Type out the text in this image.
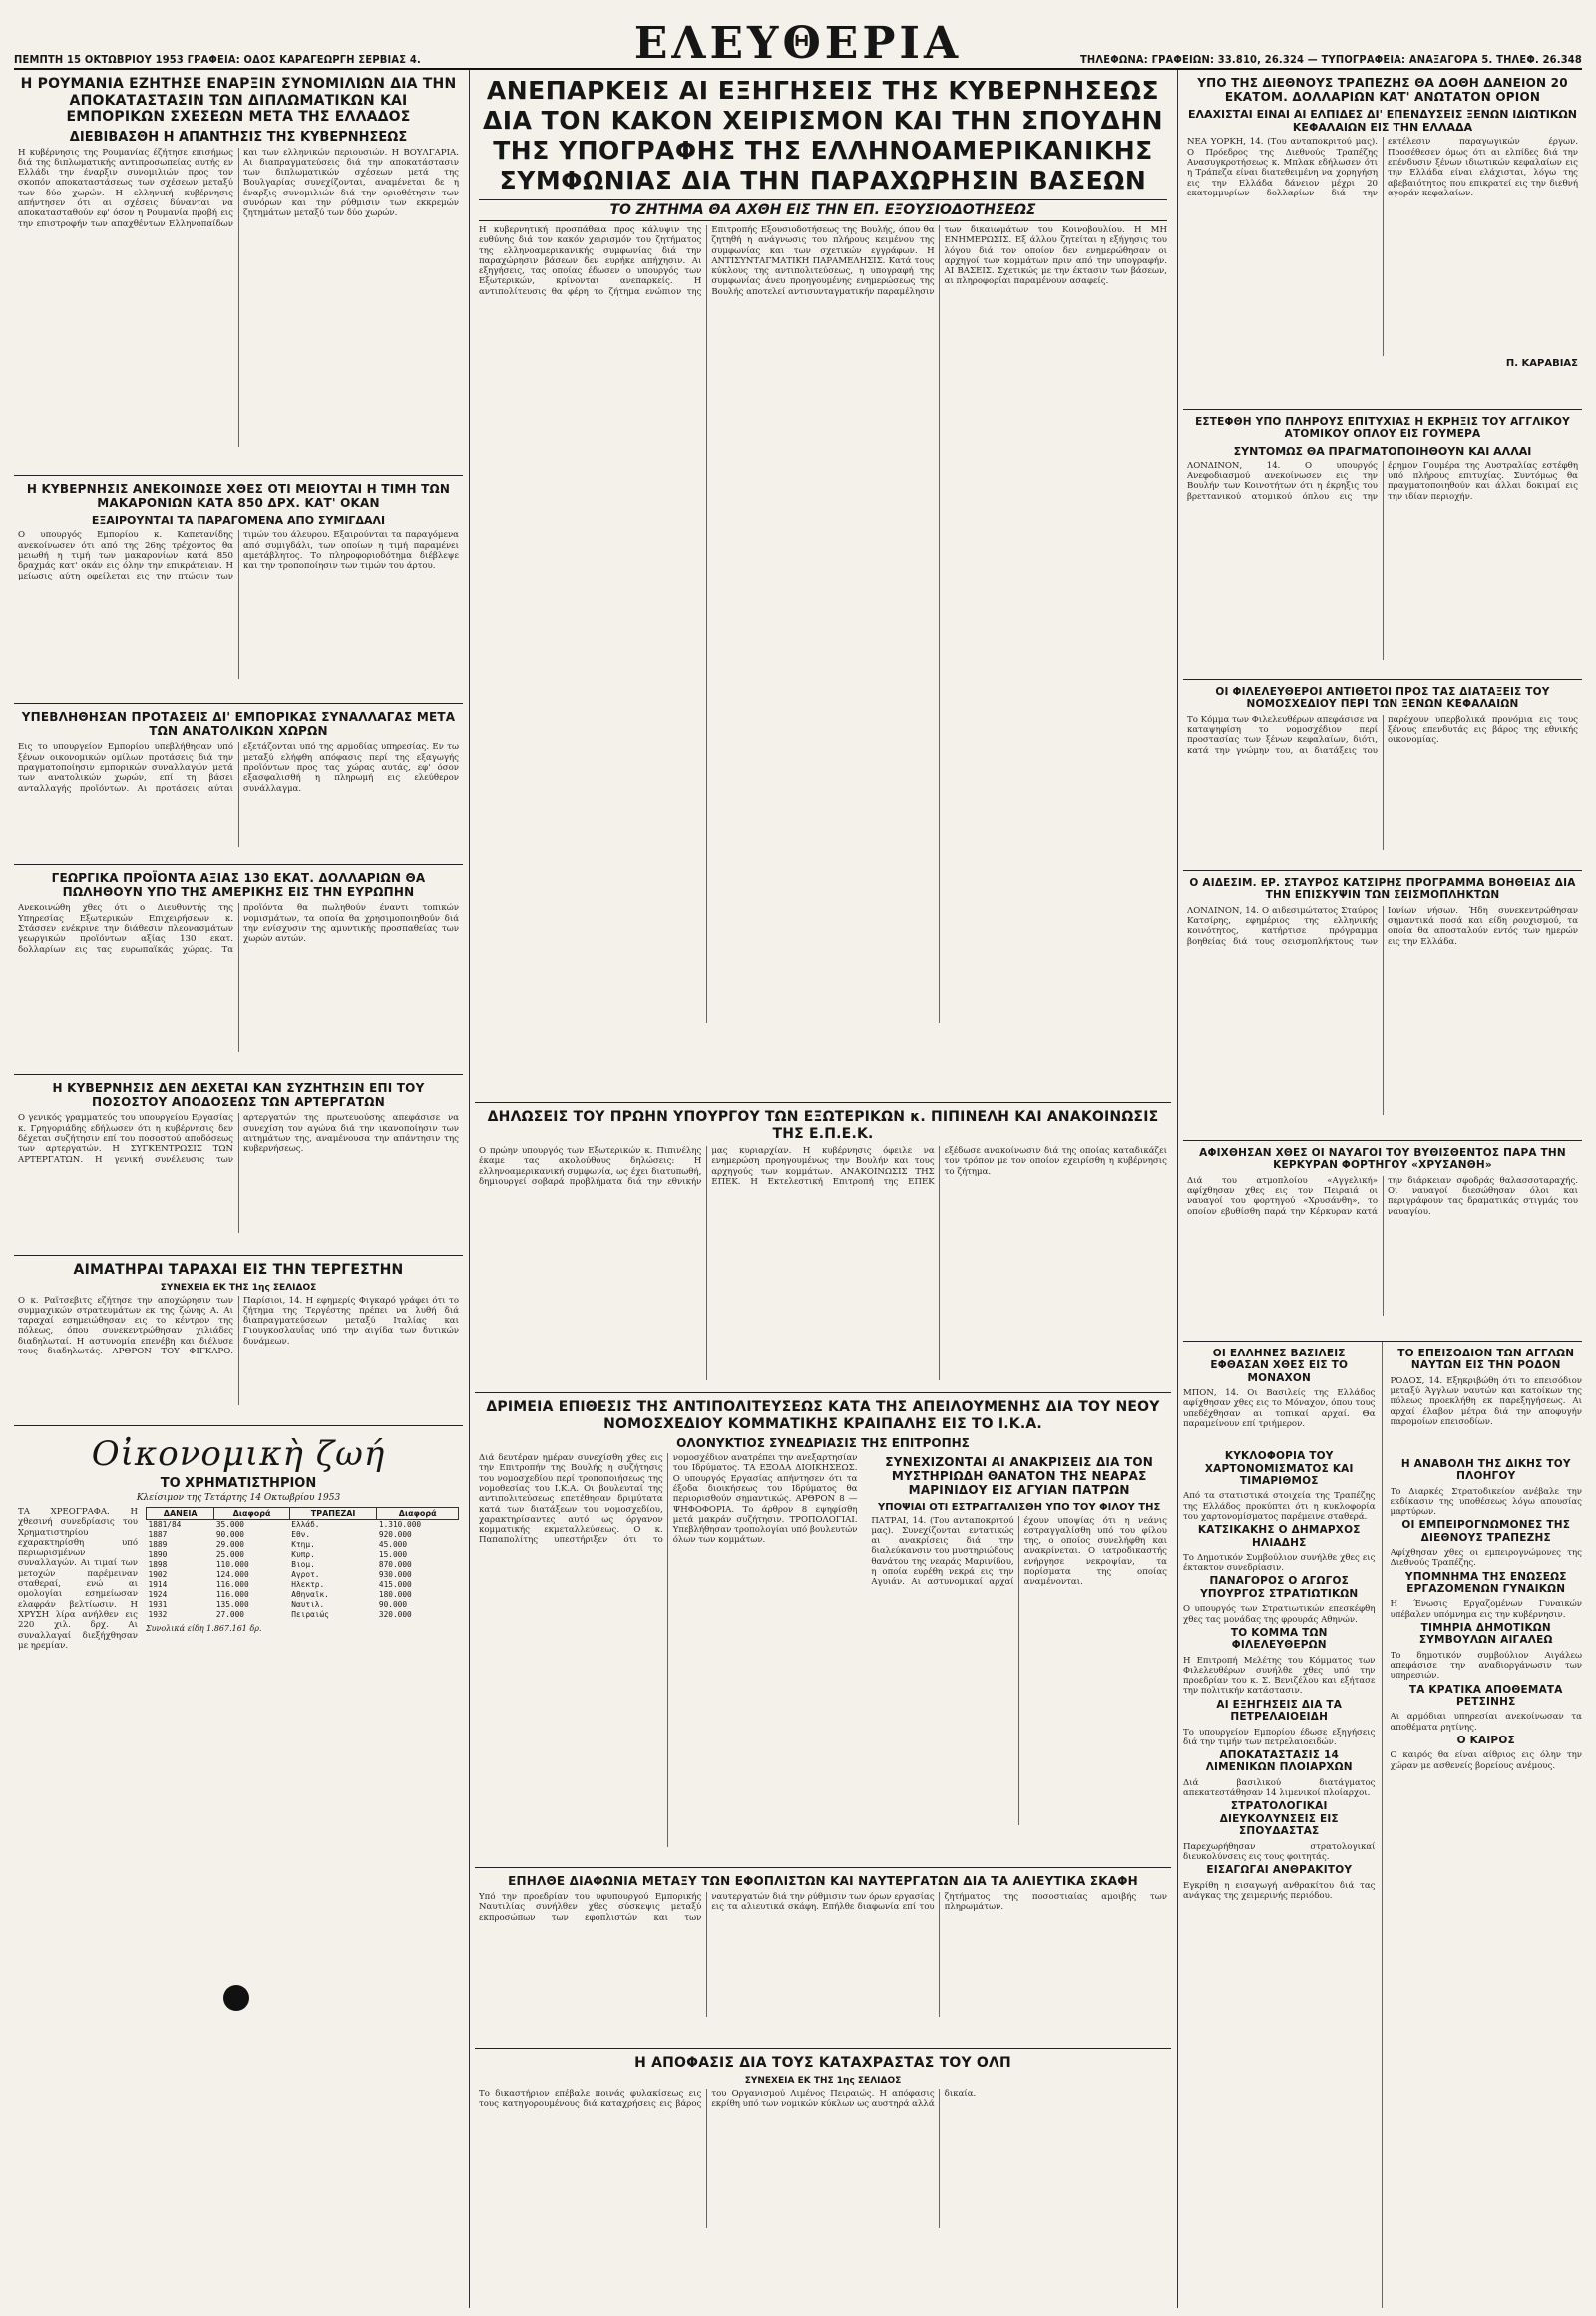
ΠΕΜΠΤΗ 15 ΟΚΤΩΒΡΙΟΥ 1953 ΓΡΑΦΕΙΑ: ΟΔΟΣ ΚΑΡΑΓΕΩΡΓΗ ΣΕΡΒΙΑΣ 4.	ΕΛΕΥΘΕΡΙΑ	ΤΗΛΕΦΩΝΑ: ΓΡΑΦΕΙΩΝ: 33.810, 26.324 — ΤΥΠΟΓΡΑΦΕΙΑ: ΑΝΑΞΑΓΟΡΑ 5. ΤΗΛΕΦ. 26.348
Η ΡΟΥΜΑΝΙΑ ΕΖΗΤΗΣΕ ΕΝΑΡΞΙΝ ΣΥΝΟΜΙΛΙΩΝ ΔΙΑ ΤΗΝ ΑΠΟΚΑΤΑΣΤΑΣΙΝ ΤΩΝ ΔΙΠΛΩΜΑΤΙΚΩΝ ΚΑΙ ΕΜΠΟΡΙΚΩΝ ΣΧΕΣΕΩΝ ΜΕΤΑ ΤΗΣ ΕΛΛΑΔΟΣ
ΔΙΕΒΙΒΑΣΘΗ Η ΑΠΑΝΤΗΣΙΣ ΤΗΣ ΚΥΒΕΡΝΗΣΕΩΣ

Η κυβέρνησις της Ρουμανίας έζήτησε επισήμως διά της διπλωματικής αντιπροσωπείας αυτής εν Ελλάδι την έναρξιν συνομιλιών προς τον σκοπόν αποκαταστάσεως των σχέσεων μεταξύ των δύο χωρών. Η ελληνική κυβέρνησις απήντησεν ότι αι σχέσεις δύνανται να αποκατασταθούν εφ' όσον η Ρουμανία προβή εις την επιστροφήν των απαχθέντων Ελληνοπαίδων και των ελληνικών περιουσιών. Η ΒΟΥΛΓΑΡΙΑ. Αι διαπραγματεύσεις διά την αποκατάστασιν των διπλωματικών σχέσεων μετά της Βουλγαρίας συνεχίζονται, αναμένεται δε η έναρξις συνομιλιών διά την οριοθέτησιν των συνόρων και την ρύθμισιν των εκκρεμών ζητημάτων μεταξύ των δύο χωρών.

Η ΚΥΒΕΡΝΗΣΙΣ ΑΝΕΚΟΙΝΩΣΕ ΧΘΕΣ ΟΤΙ ΜΕΙΟΥΤΑΙ Η ΤΙΜΗ ΤΩΝ ΜΑΚΑΡΟΝΙΩΝ ΚΑΤΑ 850 ΔΡΧ. ΚΑΤ' ΟΚΑΝ
ΕΞΑΙΡΟΥΝΤΑΙ ΤΑ ΠΑΡΑΓΟΜΕΝΑ ΑΠΟ ΣΥΜΙΓΔΑΛΙ

Ο υπουργός Εμπορίου κ. Καπετανίδης ανεκοίνωσεν ότι από της 26ης τρέχοντος θα μειωθή η τιμή των μακαρονίων κατά 850 δραχμάς κατ' οκάν εις όλην την επικράτειαν. Η μείωσις αύτη οφείλεται εις την πτώσιν των τιμών του άλευρου. Εξαιρούνται τα παραγόμενα από συμιγδάλι, των οποίων η τιμή παραμένει αμετάβλητος. Το πληροφοριοδότημα διέβλεψε και την τροποποίησιν των τιμών του άρτου.

ΥΠΕΒΛΗΘΗΣΑΝ ΠΡΟΤΑΣΕΙΣ ΔΙ' ΕΜΠΟΡΙΚΑΣ ΣΥΝΑΛΛΑΓΑΣ ΜΕΤΑ ΤΩΝ ΑΝΑΤΟΛΙΚΩΝ ΧΩΡΩΝ

Εις το υπουργείον Εμπορίου υπεβλήθησαν υπό ξένων οικονομικών ομίλων προτάσεις διά την πραγματοποίησιν εμπορικών συναλλαγών μετά των ανατολικών χωρών, επί τη βάσει ανταλλαγής προϊόντων. Αι προτάσεις αύται εξετάζονται υπό της αρμοδίας υπηρεσίας. Εν τω μεταξύ ελήφθη απόφασις περί της εξαγωγής προϊόντων προς τας χώρας αυτάς, εφ' όσον εξασφαλισθή η πληρωμή εις ελεύθερον συνάλλαγμα.

ΓΕΩΡΓΙΚΑ ΠΡΟΪΟΝΤΑ ΑΞΙΑΣ 130 ΕΚΑΤ. ΔΟΛΛΑΡΙΩΝ ΘΑ ΠΩΛΗΘΟΥΝ ΥΠΟ ΤΗΣ ΑΜΕΡΙΚΗΣ ΕΙΣ ΤΗΝ ΕΥΡΩΠΗΝ

Ανεκοινώθη χθες ότι ο Διευθυντής της Υπηρεσίας Εξωτερικών Επιχειρήσεων κ. Στάσσεν ενέκρινε την διάθεσιν πλεονασμάτων γεωργικών προϊόντων αξίας 130 εκατ. δολλαρίων εις τας ευρωπαϊκάς χώρας. Τα προϊόντα θα πωληθούν έναντι τοπικών νομισμάτων, τα οποία θα χρησιμοποιηθούν διά την ενίσχυσιν της αμυντικής προσπαθείας των χωρών αυτών.

Η ΚΥΒΕΡΝΗΣΙΣ ΔΕΝ ΔΕΧΕΤΑΙ ΚΑΝ ΣΥΖΗΤΗΣΙΝ ΕΠΙ ΤΟΥ ΠΟΣΟΣΤΟΥ ΑΠΟΔΟΣΕΩΣ ΤΩΝ ΑΡΤΕΡΓΑΤΩΝ

Ο γενικός γραμματεύς του υπουργείου Εργασίας κ. Γρηγοριάδης εδήλωσεν ότι η κυβέρνησις δεν δέχεται συζήτησιν επί του ποσοστού αποδόσεως των αρτεργατών. Η ΣΥΓΚΕΝΤΡΩΣΙΣ ΤΩΝ ΑΡΤΕΡΓΑΤΩΝ. Η γενική συνέλευσις των αρτεργατών της πρωτευούσης απεφάσισε να συνεχίση τον αγώνα διά την ικανοποίησιν των αιτημάτων της, αναμένουσα την απάντησιν της κυβερνήσεως.

ΑΙΜΑΤΗΡΑΙ ΤΑΡΑΧΑΙ ΕΙΣ ΤΗΝ ΤΕΡΓΕΣΤΗΝ
ΣΥΝΕΧΕΙΑ ΕΚ ΤΗΣ 1ης ΣΕΛΙΔΟΣ

Ο κ. Ραΐτσεβιτς εζήτησε την αποχώρησιν των συμμαχικών στρατευμάτων εκ της ζώνης Α. Αι ταραχαί εσημειώθησαν εις το κέντρον της πόλεως, όπου συνεκεντρώθησαν χιλιάδες διαδηλωταί. Η αστυνομία επενέβη και διέλυσε τους διαδηλωτάς. ΑΡΘΡΟΝ ΤΟΥ ΦΙΓΚΑΡΟ. Παρίσιοι, 14. Η εφημερίς Φιγκαρό γράφει ότι το ζήτημα της Τεργέστης πρέπει να λυθή διά διαπραγματεύσεων μεταξύ Ιταλίας και Γιουγκοσλαυΐας υπό την αιγίδα των δυτικών δυνάμεων.

Οἰκονομικὴ ζωή
ΤΟ ΧΡΗΜΑΤΙΣΤΗΡΙΟΝ
Κλείσιμον της Τετάρτης 14 Οκτωβρίου 1953

ΤΑ ΧΡΕΟΓΡΑΦΑ. Η χθεσινή συνεδρίασις του Χρηματιστηρίου εχαρακτηρίσθη υπό περιωρισμένων συναλλαγών. Αι τιμαί των μετοχών παρέμειναν σταθεραί, ενώ αι ομολογίαι εσημείωσαν ελαφράν βελτίωσιν. Η ΧΡΥΣΗ λίρα ανήλθεν εις 220 χιλ. δρχ. Αι συναλλαγαί διεξήχθησαν με ηρεμίαν.

ΔΑΝΕΙΑ	Διαφορά	ΤΡΑΠΕΖΑΙ	Διαφορά
1881/84	35.000	Ελλάδ.	1.310.000
1887	90.000	Εθν.	920.000
1889	29.000	Κτημ.	45.000
1890	25.000	Κυπρ.	15.000
1898	110.000	Βιομ.	870.000
1902	124.000	Αγροτ.	930.000
1914	116.000	Ηλεκτρ.	415.000
1924	116.000	Αθηναϊκ.	180.000
1931	135.000	Ναυτιλ.	90.000
1932	27.000	Πειραιώς	320.000
Συνολικά είδη 1.867.161 δρ.
ΑΝΕΠΑΡΚΕΙΣ ΑΙ ΕΞΗΓΗΣΕΙΣ ΤΗΣ ΚΥΒΕΡΝΗΣΕΩΣ ΔΙΑ ΤΟΝ ΚΑΚΟΝ ΧΕΙΡΙΣΜΟΝ ΚΑΙ ΤΗΝ ΣΠΟΥΔΗΝ ΤΗΣ ΥΠΟΓΡΑΦΗΣ ΤΗΣ ΕΛΛΗΝΟΑΜΕΡΙΚΑΝΙΚΗΣ ΣΥΜΦΩΝΙΑΣ ΔΙΑ ΤΗΝ ΠΑΡΑΧΩΡΗΣΙΝ ΒΑΣΕΩΝ
ΤΟ ΖΗΤΗΜΑ ΘΑ ΑΧΘΗ ΕΙΣ ΤΗΝ ΕΠ. ΕΞΟΥΣΙΟΔΟΤΗΣΕΩΣ

Η κυβερνητική προσπάθεια προς κάλυψιν της ευθύνης διά τον κακόν χειρισμόν του ζητήματος της ελληνοαμερικανικής συμφωνίας διά την παραχώρησιν βάσεων δεν ευρήκε απήχησιν. Αι εξηγήσεις, τας οποίας έδωσεν ο υπουργός των Εξωτερικών, κρίνονται ανεπαρκείς. Η αντιπολίτευσις θα φέρη το ζήτημα ενώπιον της Επιτροπής Εξουσιοδοτήσεως της Βουλής, όπου θα ζητηθή η ανάγνωσις του πλήρους κειμένου της συμφωνίας και των σχετικών εγγράφων. Η ΑΝΤΙΣΥΝΤΑΓΜΑΤΙΚΗ ΠΑΡΑΜΕΛΗΣΙΣ. Κατά τους κύκλους της αντιπολιτεύσεως, η υπογραφή της συμφωνίας άνευ προηγουμένης ενημερώσεως της Βουλής αποτελεί αντισυνταγματικήν παραμέλησιν των δικαιωμάτων του Κοινοβουλίου. Η ΜΗ ΕΝΗΜΕΡΩΣΙΣ. Εξ άλλου ζητείται η εξήγησις του λόγου διά τον οποίον δεν ενημερώθησαν οι αρχηγοί των κομμάτων πριν από την υπογραφήν. ΑΙ ΒΑΣΕΙΣ. Σχετικώς με την έκτασιν των βάσεων, αι πληροφορίαι παραμένουν ασαφείς.

ΔΗΛΩΣΕΙΣ ΤΟΥ ΠΡΩΗΝ ΥΠΟΥΡΓΟΥ ΤΩΝ ΕΞΩΤΕΡΙΚΩΝ κ. ΠΙΠΙΝΕΛΗ ΚΑΙ ΑΝΑΚΟΙΝΩΣΙΣ ΤΗΣ Ε.Π.Ε.Κ.

Ο πρώην υπουργός των Εξωτερικών κ. Πιπινέλης έκαμε τας ακολούθους δηλώσεις: Η ελληνοαμερικανική συμφωνία, ως έχει διατυπωθή, δημιουργεί σοβαρά προβλήματα διά την εθνικήν μας κυριαρχίαν. Η κυβέρνησις όφειλε να ενημερώση προηγουμένως την Βουλήν και τους αρχηγούς των κομμάτων. ΑΝΑΚΟΙΝΩΣΙΣ ΤΗΣ ΕΠΕΚ. Η Εκτελεστική Επιτροπή της ΕΠΕΚ εξέδωσε ανακοίνωσιν διά της οποίας καταδικάζει τον τρόπον με τον οποίον εχειρίσθη η κυβέρνησις το ζήτημα.

ΔΡΙΜΕΙΑ ΕΠΙΘΕΣΙΣ ΤΗΣ ΑΝΤΙΠΟΛΙΤΕΥΣΕΩΣ ΚΑΤΑ ΤΗΣ ΑΠΕΙΛΟΥΜΕΝΗΣ ΔΙΑ ΤΟΥ ΝΕΟΥ ΝΟΜΟΣΧΕΔΙΟΥ ΚΟΜΜΑΤΙΚΗΣ ΚΡΑΙΠΑΛΗΣ ΕΙΣ ΤΟ Ι.Κ.Α.
ΟΛΟΝΥΚΤΙΟΣ ΣΥΝΕΔΡΙΑΣΙΣ ΤΗΣ ΕΠΙΤΡΟΠΗΣ

Διά δευτέραν ημέραν συνεχίσθη χθες εις την Επιτροπήν της Βουλής η συζήτησις του νομοσχεδίου περί τροποποιήσεως της νομοθεσίας του Ι.Κ.Α. Οι βουλευταί της αντιπολιτεύσεως επετέθησαν δριμύτατα κατά των διατάξεων του νομοσχεδίου, χαρακτηρίσαντες αυτό ως όργανον κομματικής εκμεταλλεύσεως. Ο κ. Παπαπολίτης υπεστήριξεν ότι το νομοσχέδιον ανατρέπει την ανεξαρτησίαν του Ιδρύματος. ΤΑ ΕΞΟΔΑ ΔΙΟΙΚΗΣΕΩΣ. Ο υπουργός Εργασίας απήντησεν ότι τα έξοδα διοικήσεως του Ιδρύματος θα περιορισθούν σημαντικώς. ΑΡΘΡΟΝ 8 — ΨΗΦΟΦΟΡΙΑ. Το άρθρον 8 εψηφίσθη μετά μακράν συζήτησιν. ΤΡΟΠΟΛΟΓΙΑΙ. Υπεβλήθησαν τροπολογίαι υπό βουλευτών όλων των κομμάτων.

ΣΥΝΕΧΙΖΟΝΤΑΙ ΑΙ ΑΝΑΚΡΙΣΕΙΣ ΔΙΑ ΤΟΝ ΜΥΣΤΗΡΙΩΔΗ ΘΑΝΑΤΟΝ ΤΗΣ ΝΕΑΡΑΣ ΜΑΡΙΝΙΔΟΥ ΕΙΣ ΑΓΥΙΑΝ ΠΑΤΡΩΝ
ΥΠΟΨΙΑΙ ΟΤΙ ΕΣΤΡΑΓΓΑΛΙΣΘΗ ΥΠΟ ΤΟΥ ΦΙΛΟΥ ΤΗΣ

ΠΑΤΡΑΙ, 14. (Του ανταποκριτού μας). Συνεχίζονται εντατικώς αι ανακρίσεις διά την διαλεύκανσιν του μυστηριώδους θανάτου της νεαράς Μαρινίδου, η οποία ευρέθη νεκρά εις την Αγυιάν. Αι αστυνομικαί αρχαί έχουν υποψίας ότι η νεάνις εστραγγαλίσθη υπό του φίλου της, ο οποίος συνελήφθη και ανακρίνεται. Ο ιατροδικαστής ενήργησε νεκροψίαν, τα πορίσματα της οποίας αναμένονται.

ΕΠΗΛΘΕ ΔΙΑΦΩΝΙΑ ΜΕΤΑΞΥ ΤΩΝ ΕΦΟΠΛΙΣΤΩΝ ΚΑΙ ΝΑΥΤΕΡΓΑΤΩΝ ΔΙΑ ΤΑ ΑΛΙΕΥΤΙΚΑ ΣΚΑΦΗ

Υπό την προεδρίαν του υφυπουργού Εμπορικής Ναυτιλίας συνήλθεν χθες σύσκεψις μεταξύ εκπροσώπων των εφοπλιστών και των ναυτεργατών διά την ρύθμισιν των όρων εργασίας εις τα αλιευτικά σκάφη. Επήλθε διαφωνία επί του ζητήματος της ποσοστιαίας αμοιβής των πληρωμάτων.

Η ΑΠΟΦΑΣΙΣ ΔΙΑ ΤΟΥΣ ΚΑΤΑΧΡΑΣΤΑΣ ΤΟΥ ΟΛΠ
ΣΥΝΕΧΕΙΑ ΕΚ ΤΗΣ 1ης ΣΕΛΙΔΟΣ

Το δικαστήριον επέβαλε ποινάς φυλακίσεως εις τους κατηγορουμένους διά καταχρήσεις εις βάρος του Οργανισμού Λιμένος Πειραιώς. Η απόφασις εκρίθη υπό των νομικών κύκλων ως αυστηρά αλλά δικαία.

ΥΠΟ ΤΗΣ ΔΙΕΘΝΟΥΣ ΤΡΑΠΕΖΗΣ ΘΑ ΔΟΘΗ ΔΑΝΕΙΟΝ 20 ΕΚΑΤΟΜ. ΔΟΛΛΑΡΙΩΝ ΚΑΤ' ΑΝΩΤΑΤΟΝ ΟΡΙΟΝ
ΕΛΑΧΙΣΤΑΙ ΕΙΝΑΙ ΑΙ ΕΛΠΙΔΕΣ ΔΙ' ΕΠΕΝΔΥΣΕΙΣ ΞΕΝΩΝ ΙΔΙΩΤΙΚΩΝ ΚΕΦΑΛΑΙΩΝ ΕΙΣ ΤΗΝ ΕΛΛΑΔΑ

ΝΕΑ ΥΟΡΚΗ, 14. (Του ανταποκριτού μας). Ο Πρόεδρος της Διεθνούς Τραπέζης Ανασυγκροτήσεως κ. Μπλακ εδήλωσεν ότι η Τράπεζα είναι διατεθειμένη να χορηγήση εις την Ελλάδα δάνειον μέχρι 20 εκατομμυρίων δολλαρίων διά την εκτέλεσιν παραγωγικών έργων. Προσέθεσεν όμως ότι αι ελπίδες διά την επένδυσιν ξένων ιδιωτικών κεφαλαίων εις την Ελλάδα είναι ελάχισται, λόγω της αβεβαιότητος που επικρατεί εις την διεθνή αγοράν κεφαλαίων.

Π. ΚΑΡΑΒΙΑΣ
ΕΣΤΕΦΘΗ ΥΠΟ ΠΛΗΡΟΥΣ ΕΠΙΤΥΧΙΑΣ Η ΕΚΡΗΞΙΣ ΤΟΥ ΑΓΓΛΙΚΟΥ ΑΤΟΜΙΚΟΥ ΟΠΛΟΥ ΕΙΣ ΓΟΥΜΕΡΑ
ΣΥΝΤΟΜΩΣ ΘΑ ΠΡΑΓΜΑΤΟΠΟΙΗΘΟΥΝ ΚΑΙ ΑΛΛΑΙ

ΛΟΝΔΙΝΟΝ, 14. Ο υπουργός Ανεφοδιασμού ανεκοίνωσεν εις την Βουλήν των Κοινοτήτων ότι η έκρηξις του βρεττανικού ατομικού όπλου εις την έρημον Γουμέρα της Αυστραλίας εστέφθη υπό πλήρους επιτυχίας. Συντόμως θα πραγματοποιηθούν και άλλαι δοκιμαί εις την ιδίαν περιοχήν.

ΟΙ ΦΙΛΕΛΕΥΘΕΡΟΙ ΑΝΤΙΘΕΤΟΙ ΠΡΟΣ ΤΑΣ ΔΙΑΤΑΞΕΙΣ ΤΟΥ ΝΟΜΟΣΧΕΔΙΟΥ ΠΕΡΙ ΤΩΝ ΞΕΝΩΝ ΚΕΦΑΛΑΙΩΝ

Το Κόμμα των Φιλελευθέρων απεφάσισε να καταψηφίση το νομοσχέδιον περί προστασίας των ξένων κεφαλαίων, διότι, κατά την γνώμην του, αι διατάξεις του παρέχουν υπερβολικά προνόμια εις τους ξένους επενδυτάς εις βάρος της εθνικής οικονομίας.

Ο ΑΙΔΕΣΙΜ. ΕΡ. ΣΤΑΥΡΟΣ ΚΑΤΣΙΡΗΣ ΠΡΟΓΡΑΜΜΑ ΒΟΗΘΕΙΑΣ ΔΙΑ ΤΗΝ ΕΠΙΣΚΥΨΙΝ ΤΩΝ ΣΕΙΣΜΟΠΛΗΚΤΩΝ

ΛΟΝΔΙΝΟΝ, 14. Ο αιδεσιμώτατος Σταύρος Κατσίρης, εφημέριος της ελληνικής κοινότητος, κατήρτισε πρόγραμμα βοηθείας διά τους σεισμοπλήκτους των Ιονίων νήσων. Ήδη συνεκεντρώθησαν σημαντικά ποσά και είδη ρουχισμού, τα οποία θα αποσταλούν εντός των ημερών εις την Ελλάδα.

ΑΦΙΧΘΗΣΑΝ ΧΘΕΣ ΟΙ ΝΑΥΑΓΟΙ ΤΟΥ ΒΥΘΙΣΘΕΝΤΟΣ ΠΑΡΑ ΤΗΝ ΚΕΡΚΥΡΑΝ ΦΟΡΤΗΓΟΥ «ΧΡΥΣΑΝΘΗ»

Διά του ατμοπλοίου «Αγγελική» αφίχθησαν χθες εις τον Πειραιά οι ναυαγοί του φορτηγού «Χρυσάνθη», το οποίον εβυθίσθη παρά την Κέρκυραν κατά την διάρκειαν σφοδράς θαλασσοταραχής. Οι ναυαγοί διεσώθησαν όλοι και περιγράφουν τας δραματικάς στιγμάς του ναυαγίου.

ΟΙ ΕΛΛΗΝΕΣ ΒΑΣΙΛΕΙΣ ΕΦΘΑΣΑΝ ΧΘΕΣ ΕΙΣ ΤΟ ΜΟΝΑΧΟΝ

ΜΠΟΝ, 14. Οι Βασιλείς της Ελλάδος αφίχθησαν χθες εις το Μόναχον, όπου τους υπεδέχθησαν αι τοπικαί αρχαί. Θα παραμείνουν επί τριήμερον.

ΚΥΚΛΟΦΟΡΙΑ ΤΟΥ ΧΑΡΤΟΝΟΜΙΣΜΑΤΟΣ ΚΑΙ ΤΙΜΑΡΙΘΜΟΣ

Από τα στατιστικά στοιχεία της Τραπέζης της Ελλάδος προκύπτει ότι η κυκλοφορία του χαρτονομίσματος παρέμεινε σταθερά.

ΚΑΤΣΙΚΑΚΗΣ Ο ΔΗΜΑΡΧΟΣ ΗΛΙΑΔΗΣ

Το Δημοτικόν Συμβούλιον συνήλθε χθες εις έκτακτον συνεδρίασιν.

ΠΑΝΑΓΟΡΟΣ Ο ΑΓΩΓΟΣ ΥΠΟΥΡΓΟΣ ΣΤΡΑΤΙΩΤΙΚΩΝ

Ο υπουργός των Στρατιωτικών επεσκέφθη χθες τας μονάδας της φρουράς Αθηνών.

ΤΟ ΚΟΜΜΑ ΤΩΝ ΦΙΛΕΛΕΥΘΕΡΩΝ

Η Επιτροπή Μελέτης του Κόμματος των Φιλελευθέρων συνήλθε χθες υπό την προεδρίαν του κ. Σ. Βενιζέλου και εξήτασε την πολιτικήν κατάστασιν.

ΑΙ ΕΞΗΓΗΣΕΙΣ ΔΙΑ ΤΑ ΠΕΤΡΕΛΑΙΟΕΙΔΗ

Το υπουργείον Εμπορίου έδωσε εξηγήσεις διά την τιμήν των πετρελαιοειδών.

ΑΠΟΚΑΤΑΣΤΑΣΙΣ 14 ΛΙΜΕΝΙΚΩΝ ΠΛΟΙΑΡΧΩΝ

Διά βασιλικού διατάγματος απεκατεστάθησαν 14 λιμενικοί πλοίαρχοι.

ΣΤΡΑΤΟΛΟΓΙΚΑΙ ΔΙΕΥΚΟΛΥΝΣΕΙΣ ΕΙΣ ΣΠΟΥΔΑΣΤΑΣ

Παρεχωρήθησαν στρατολογικαί διευκολύνσεις εις τους φοιτητάς.

ΕΙΣΑΓΩΓΑΙ ΑΝΘΡΑΚΙΤΟΥ

Εγκρίθη η εισαγωγή ανθρακίτου διά τας ανάγκας της χειμερινής περιόδου.

ΤΟ ΕΠΕΙΣΟΔΙΟΝ ΤΩΝ ΑΓΓΛΩΝ ΝΑΥΤΩΝ ΕΙΣ ΤΗΝ ΡΟΔΟΝ

ΡΟΔΟΣ, 14. Εξηκριβώθη ότι το επεισόδιον μεταξύ Άγγλων ναυτών και κατοίκων της πόλεως προεκλήθη εκ παρεξηγήσεως. Αι αρχαί έλαβον μέτρα διά την αποφυγήν παρομοίων επεισοδίων.

Η ΑΝΑΒΟΛΗ ΤΗΣ ΔΙΚΗΣ ΤΟΥ ΠΛΟΗΓΟΥ

Το Διαρκές Στρατοδικείον ανέβαλε την εκδίκασιν της υποθέσεως λόγω απουσίας μαρτύρων.

ΟΙ ΕΜΠΕΙΡΟΓΝΩΜΟΝΕΣ ΤΗΣ ΔΙΕΘΝΟΥΣ ΤΡΑΠΕΖΗΣ

Αφίχθησαν χθες οι εμπειρογνώμονες της Διεθνούς Τραπέζης.

ΥΠΟΜΝΗΜΑ ΤΗΣ ΕΝΩΣΕΩΣ ΕΡΓΑΖΟΜΕΝΩΝ ΓΥΝΑΙΚΩΝ

Η Ένωσις Εργαζομένων Γυναικών υπέβαλεν υπόμνημα εις την κυβέρνησιν.

ΤΙΜΗΡΙΑ ΔΗΜΟΤΙΚΩΝ ΣΥΜΒΟΥΛΩΝ ΑΙΓΑΛΕΩ

Το δημοτικόν συμβούλιον Αιγάλεω απεφάσισε την αναδιοργάνωσιν των υπηρεσιών.

ΤΑ ΚΡΑΤΙΚΑ ΑΠΟΘΕΜΑΤΑ ΡΕΤΣΙΝΗΣ

Αι αρμόδιαι υπηρεσίαι ανεκοίνωσαν τα αποθέματα ρητίνης.

Ο ΚΑΙΡΟΣ

Ο καιρός θα είναι αίθριος εις όλην την χώραν με ασθενείς βορείους ανέμους.
